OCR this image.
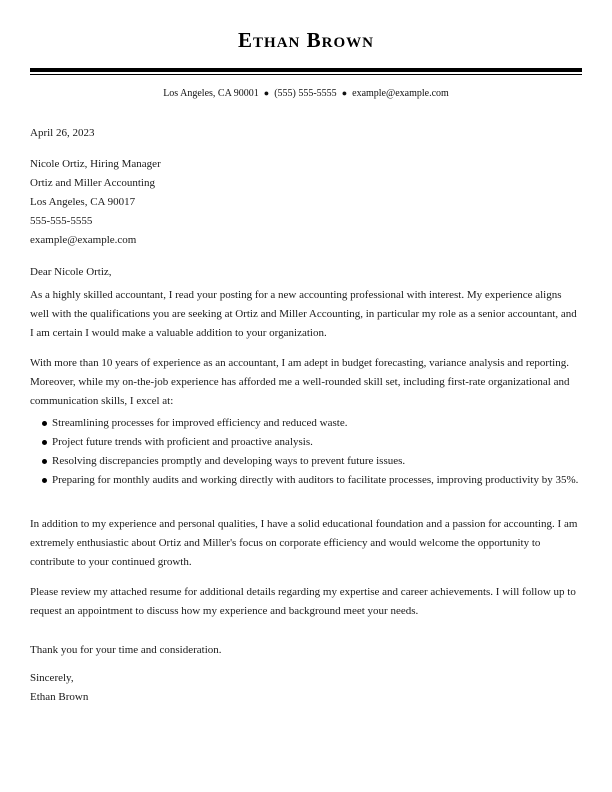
Ethan Brown
Los Angeles, CA 90001 ● (555) 555-5555 ● example@example.com
April 26, 2023
Nicole Ortiz, Hiring Manager
Ortiz and Miller Accounting
Los Angeles, CA 90017
555-555-5555
example@example.com
Dear Nicole Ortiz,

As a highly skilled accountant, I read your posting for a new accounting professional with interest. My experience aligns well with the qualifications you are seeking at Ortiz and Miller Accounting, in particular my role as a senior accountant, and I am certain I would make a valuable addition to your organization.

With more than 10 years of experience as an accountant, I am adept in budget forecasting, variance analysis and reporting. Moreover, while my on-the-job experience has afforded me a well-rounded skill set, including first-rate organizational and communication skills, I excel at:

Streamlining processes for improved efficiency and reduced waste.
Project future trends with proficient and proactive analysis.
Resolving discrepancies promptly and developing ways to prevent future issues.
Preparing for monthly audits and working directly with auditors to facilitate processes, improving productivity by 35%.

In addition to my experience and personal qualities, I have a solid educational foundation and a passion for accounting. I am extremely enthusiastic about Ortiz and Miller's focus on corporate efficiency and would welcome the opportunity to contribute to your continued growth.

Please review my attached resume for additional details regarding my expertise and career achievements. I will follow up to request an appointment to discuss how my experience and background meet your needs.

Thank you for your time and consideration.
Sincerely,
Ethan Brown
